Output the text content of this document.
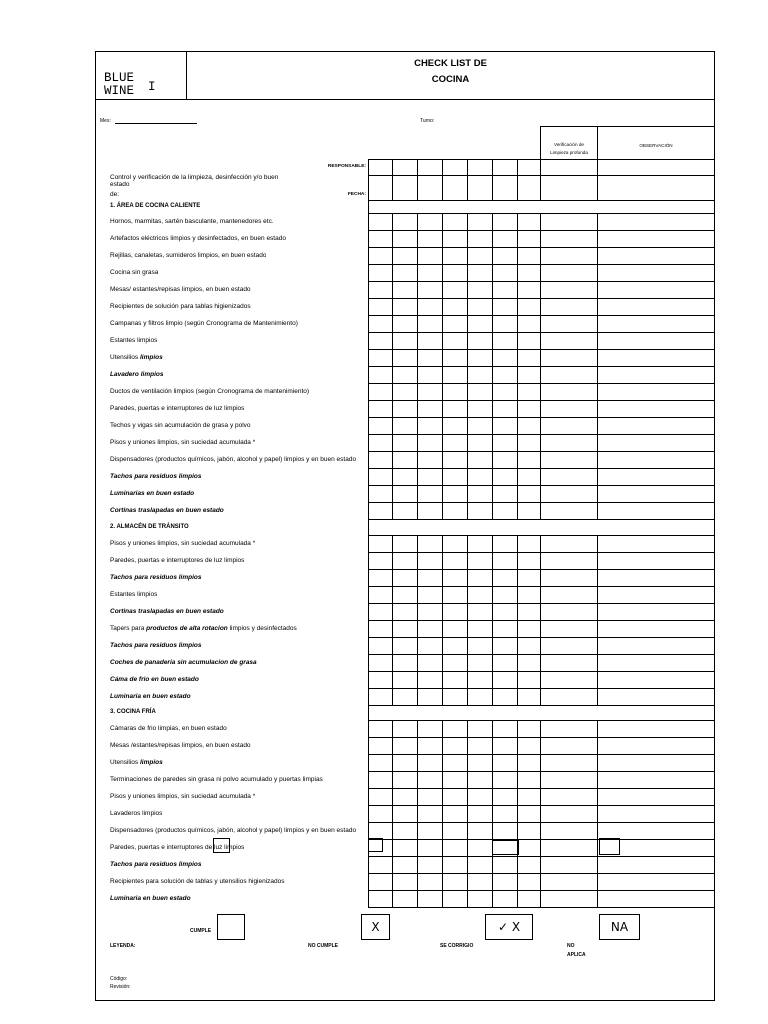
BLUE
WINE I
CHECK LIST DE
COCINA
Mes:	Turno:
Verificación de
Limpieza profunda
OBSERVACIÓN
Control y verificación de la limpieza, desinfección y/o buen
estado
de:
RESPONSABLE:
FECHA:
CUMPLE	X	✓ X	NA
LEYENDA:	NO CUMPLE	SE CORRIGIO	NO APLICA
Código:
Revisión:
1. ÁREA DE COCINA CALIENTE
Hornos, marmitas, sartén basculante, mantenedores etc.
Artefactos eléctricos limpios y desinfectados, en buen estado
Rejillas, canaletas, sumideros limpios, en buen estado
Cocina sin grasa
Mesas/ estantes/repisas limpios, en buen estado
Recipientes de solución para tablas higienizados
Campanas y filtros limpio (según Cronograma de Mantenimiento)
Estantes limpios
Utensilios limpios
Lavadero limpios
Ductos de ventilación limpios (según Cronograma de mantenimiento)
Paredes, puertas e interruptores de luz limpios
Techos y vigas sin acumulación de grasa y polvo
Pisos y uniones limpios, sin suciedad acumulada *
Dispensadores (productos químicos, jabón, alcohol y papel) limpios y en buen estado
Tachos para residuos limpios
Luminarias en buen estado
Cortinas traslapadas en buen estado
2. ALMACÉN DE TRÁNSITO
Pisos y uniones limpios, sin suciedad acumulada *
Paredes, puertas e interruptores de luz limpios
Tachos para residuos limpios
Estantes limpios
Cortinas traslapadas en buen estado
Tapers para productos de alta rotacion limpios y desinfectados
Tachos para residuos limpios
Coches de panaderia sin acumulacion de grasa
Cáma de frio en buen estado
Luminaria en buen estado
3. COCINA FRÍA
Cámaras de frio limpias, en buen estado
Mesas /estantes/repisas limpios, en buen estado
Utensilios limpios
Terminaciones de paredes sin grasa ni polvo acumulado y puertas limpias
Pisos y uniones limpios, sin suciedad acumulada *
Lavaderos limpios
Dispensadores (productos químicos, jabón, alcohol y papel) limpios y en buen estado
Paredes, puertas e interruptores de luz limpios
Tachos para residuos limpios
Recipientes para solución de tablas y utensilios higienizados
Luminaria en buen estado
